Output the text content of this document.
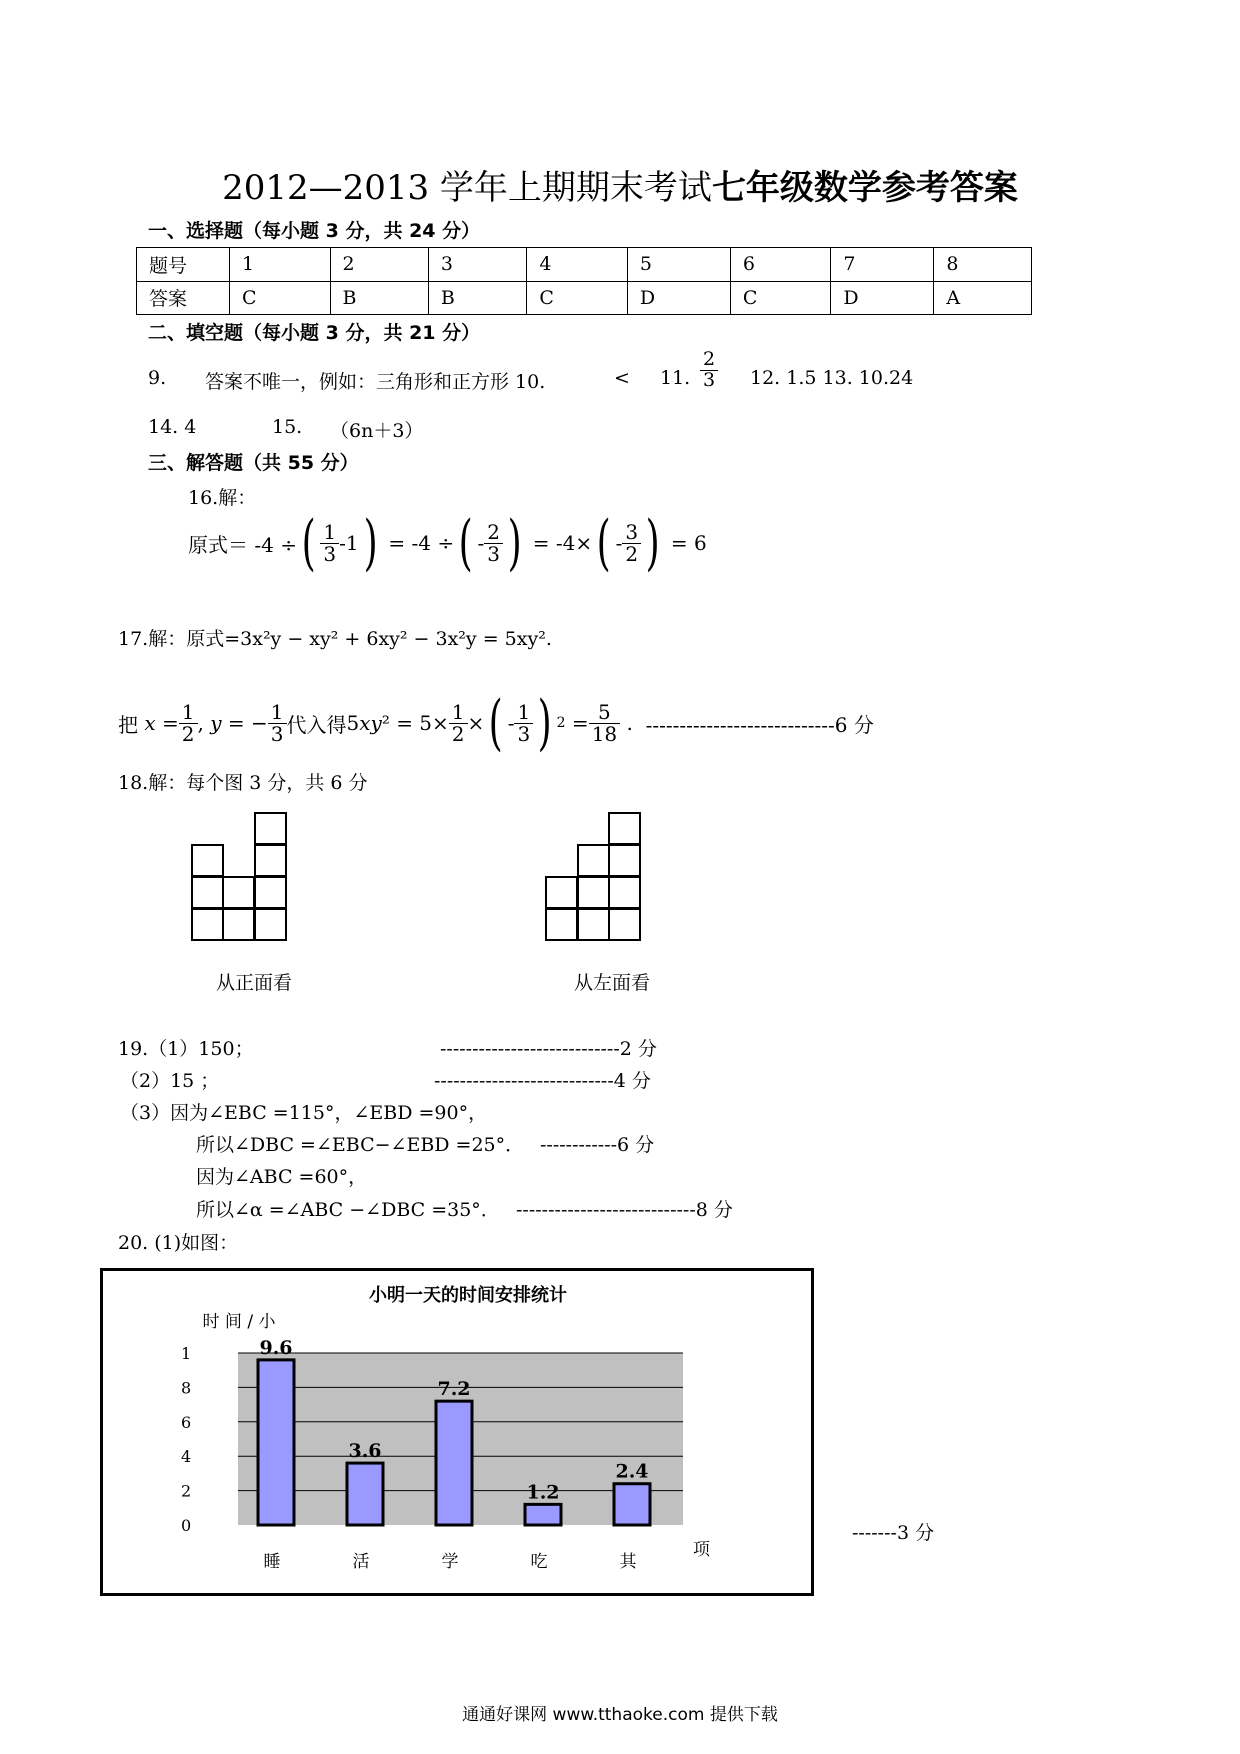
2012—2013 学年上期期末考试七年级数学参考答案
一、选择题（每小题 3 分，共 24 分）
题号	1	2	3	4	5	6	7	8
答案	C	B	B	C	D	C	D	A
二、填空题（每小题 3 分，共 21 分）
9. 答案不唯一，例如：三角形和正方形 10.	< 11. $\frac{2}{3} 12$. 1.5 13. 10.24
14. 4	15. （6n＋3）
三、解答题（共 55 分）
16.解：
原式＝ -4 ÷ ( $\frac{1}{3} -1$ ) = -4 ÷ ( - $\frac{2}{3}$ ) = -4× ( - $\frac{3}{2}$ ) = 6
17.解：原式=3x²y − xy² + 6xy² − 3x²y = 5xy².
把 $x = \frac{1}{2}$ , y = − $\frac{1}{3}$ 代入得 $5xy^2 = 5\times \frac{1}{2}$ × ( - $\frac{1}{3}$ ) $2 = \frac{5}{18}$ . ----------------------------6 分
18.解：每个图 3 分，共 6 分
从正面看	从左面看
19.（1）150；	----------------------------2 分
（2）15 ；	----------------------------4 分
（3）因为∠EBC =115°，∠EBD =90°，
所以∠DBC =∠EBC−∠EBD =25°． ------------6 分
因为∠ABC =60°，
所以∠α =∠ABC −∠DBC =35°． ----------------------------8 分
20. (1)如图：
0
2
4
6
8
1
时 间 / 小
小明一天的时间安排统计
9.6
睡
3.6
活
7.2
学
1.2
吃
2.4
其
项
-------3 分
通通好课网 www.tthaoke.com 提供下载
